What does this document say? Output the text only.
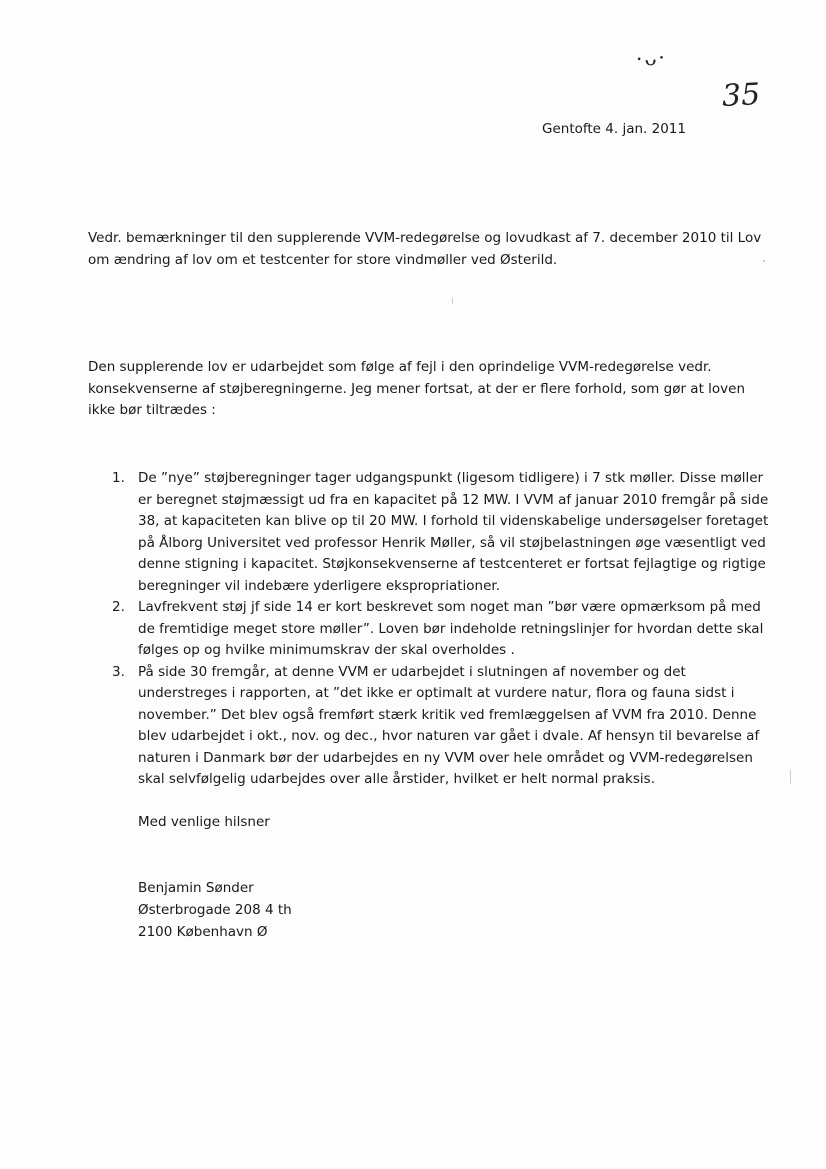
·ᴗ·
35
Gentofte 4. jan. 2011
Vedr. bemærkninger til den supplerende VVM-redegørelse og lovudkast af 7. december 2010 til Lov om ændring af lov om et testcenter for store vindmøller ved Østerild.
Den supplerende lov er udarbejdet som følge af fejl i den oprindelige VVM-redegørelse vedr. konsekvenserne af støjberegningerne. Jeg mener fortsat, at der er flere forhold, som gør at loven ikke bør tiltrædes :
1. De ”nye” støjberegninger tager udgangspunkt (ligesom tidligere) i 7 stk møller. Disse møller er beregnet støjmæssigt ud fra en kapacitet på 12 MW. I VVM af januar 2010 fremgår på side 38, at kapaciteten kan blive op til 20 MW. I forhold til videnskabelige undersøgelser foretaget på Ålborg Universitet ved professor Henrik Møller, så vil støjbelastningen øge væsentligt ved denne stigning i kapacitet. Støjkonsekvenserne af testcenteret er fortsat fejlagtige og rigtige beregninger vil indebære yderligere ekspropriationer.
2. Lavfrekvent støj jf side 14 er kort beskrevet som noget man ”bør være opmærksom på med de fremtidige meget store møller”. Loven bør indeholde retningslinjer for hvordan dette skal følges op og hvilke minimumskrav der skal overholdes .
3. På side 30 fremgår, at denne VVM er udarbejdet i slutningen af november og det understreges i rapporten, at ”det ikke er optimalt at vurdere natur, flora og fauna sidst i november.” Det blev også fremført stærk kritik ved fremlæggelsen af VVM fra 2010. Denne blev udarbejdet i okt., nov. og dec., hvor naturen var gået i dvale. Af hensyn til bevarelse af naturen i Danmark bør der udarbejdes en ny VVM over hele området og VVM-redegørelsen skal selvfølgelig udarbejdes over alle årstider, hvilket er helt normal praksis.
Med venlige hilsner
Benjamin Sønder
Østerbrogade 208 4 th
2100 København Ø
